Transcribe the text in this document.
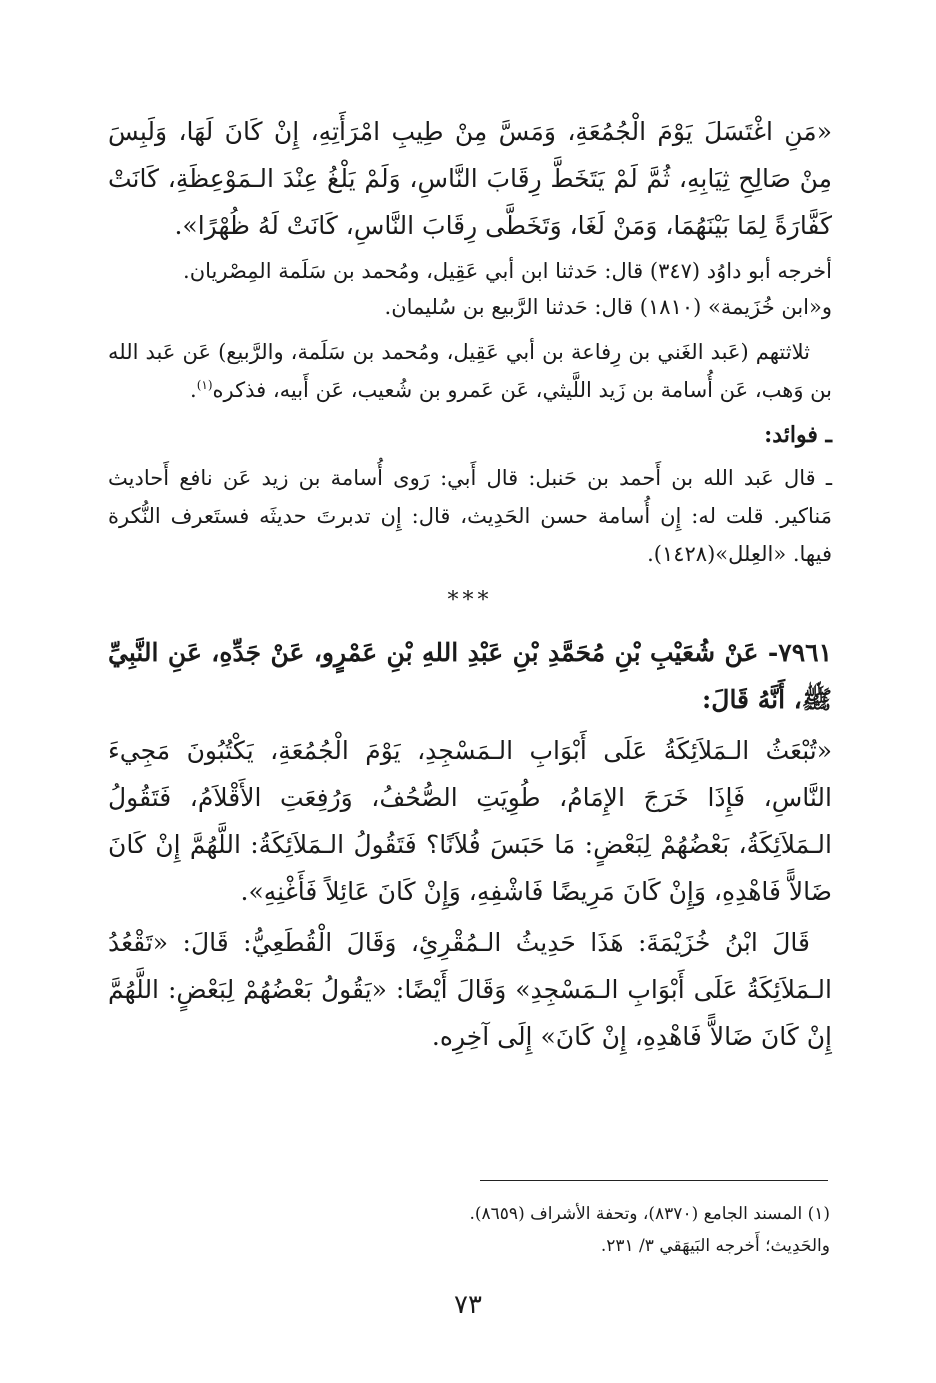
«مَنِ اغْتَسَلَ يَوْمَ الْجُمُعَةِ، وَمَسَّ مِنْ طِيبِ امْرَأَتِهِ، إِنْ كَانَ لَهَا، وَلَبِسَ مِنْ صَالِحِ ثِيَابِهِ، ثُمَّ لَمْ يَتَخَطَّ رِقَابَ النَّاسِ، وَلَمْ يَلْغُ عِنْدَ الـمَوْعِظَةِ، كَانَتْ كَفَّارَةً لِمَا بَيْنَهُمَا، وَمَنْ لَغَا، وَتَخَطَّى رِقَابَ النَّاسِ، كَانَتْ لَهُ ظُهْرًا».

أخرجه أبو داوُد (٣٤٧) قال: حَدثنا ابن أبي عَقِيل، ومُحمد بن سَلَمة المِصْريان.
و«ابن خُزَيمة» (١٨١٠) قال: حَدثنا الرَّبيع بن سُليمان.

ثلاثتهم (عَبد الغَني بن رِفاعة بن أبي عَقِيل، ومُحمد بن سَلَمة، والرَّبيع) عَن عَبد الله بن وَهب، عَن أُسامة بن زَيد اللَّيثي، عَن عَمرو بن شُعيب، عَن أَبيه، فذكره$^{(١)}$.

ـ فوائد:

ـ قال عَبد الله بن أَحمد بن حَنبل: قال أَبي: رَوى أُسامة بن زيد عَن نافع أَحاديث مَناكير. قلت له: إِن أُسامة حسن الحَدِيث، قال: إِن تدبرتَ حديثَه فستَعرف النُّكرة فيها. «العِلل»(١٤٢٨).

***

٧٩٦١- عَنْ شُعَيْبِ بْنِ مُحَمَّدِ بْنِ عَبْدِ اللهِ بْنِ عَمْرٍو، عَنْ جَدِّهِ، عَنِ النَّبِيِّ ﷺ، أَنَّهُ قَالَ:

«تُبْعَثُ الـمَلاَئِكَةُ عَلَى أَبْوَابِ الـمَسْجِدِ، يَوْمَ الْجُمُعَةِ، يَكْتُبُونَ مَجِيءَ النَّاسِ، فَإِذَا خَرَجَ الإِمَامُ، طُوِيَتِ الصُّحُفُ، وَرُفِعَتِ الأَقْلاَمُ، فَتَقُولُ الـمَلاَئِكَةُ، بَعْضُهُمْ لِبَعْضٍ: مَا حَبَسَ فُلاَنًا؟ فَتَقُولُ الـمَلاَئِكَةُ: اللَّهُمَّ إِنْ كَانَ ضَالاًّ فَاهْدِهِ، وَإِنْ كَانَ مَرِيضًا فَاشْفِهِ، وَإِنْ كَانَ عَائِلاً فَأَغْنِهِ».

قَالَ ابْنُ خُزَيْمَةَ: هَذَا حَدِيثُ الـمُقْرِئِ، وَقَالَ الْقُطَعِيُّ: قَالَ: «تَقْعُدُ الـمَلاَئِكَةُ عَلَى أَبْوَابِ الـمَسْجِدِ» وَقَالَ أَيْضًا: «يَقُولُ بَعْضُهُمْ لِبَعْضٍ: اللَّهُمَّ إِنْ كَانَ ضَالاًّ فَاهْدِهِ، إِنْ كَانَ» إِلَى آخِرِه.

(١) المسند الجامع (٨٣٧٠)، وتحفة الأشراف (٨٦٥٩).
والحَدِيث؛ أَخرجه البَيهَقي ٣/ ٢٣١.
٧٣
